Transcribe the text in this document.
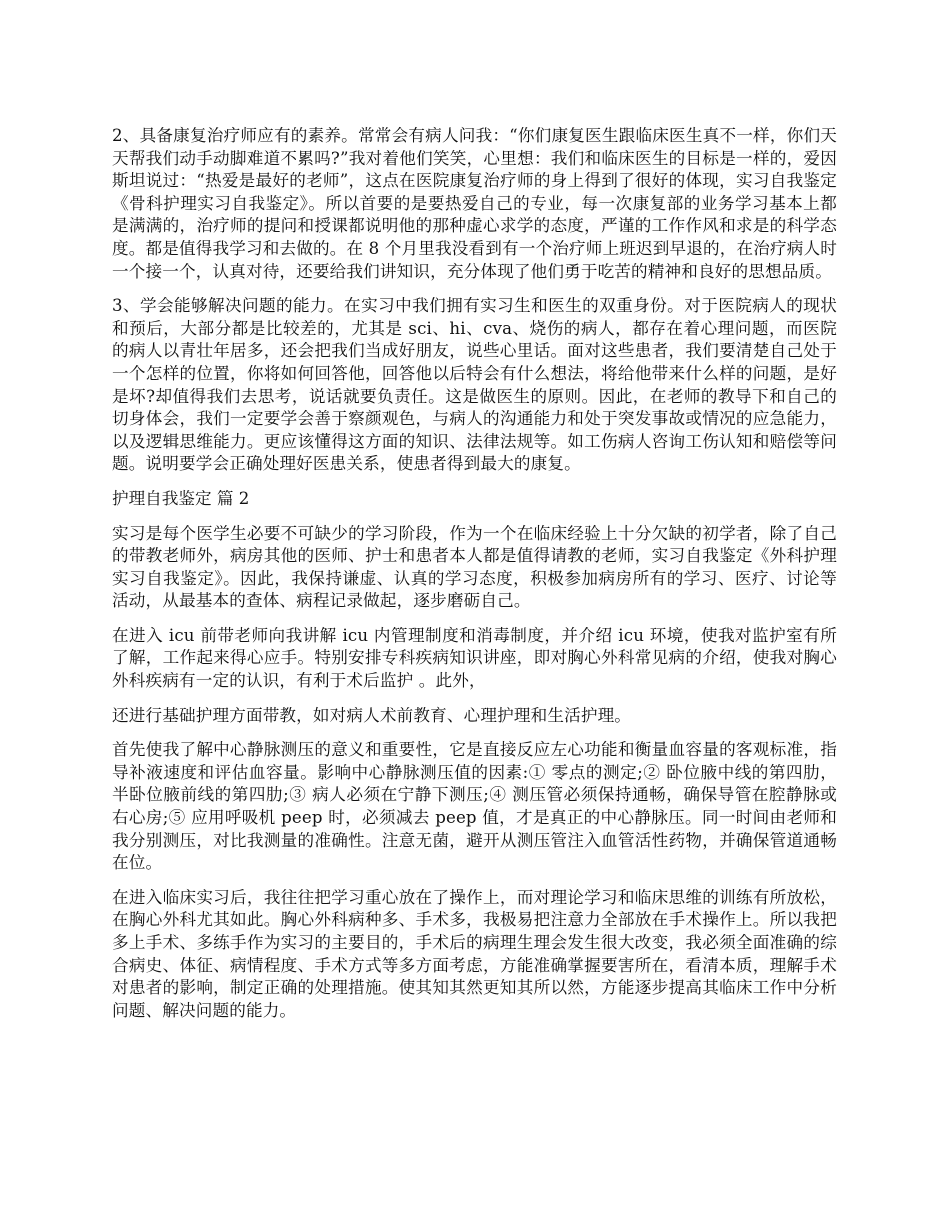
2、具备康复治疗师应有的素养。常常会有病人问我：“你们康复医生跟临床医生真不一样，你们天天帮我们动手动脚难道不累吗?”我对着他们笑笑，心里想：我们和临床医生的目标是一样的，爱因斯坦说过：“热爱是最好的老师”，这点在医院康复治疗师的身上得到了很好的体现，实习自我鉴定《骨科护理实习自我鉴定》。所以首要的是要热爱自己的专业，每一次康复部的业务学习基本上都是满满的，治疗师的提问和授课都说明他的那种虚心求学的态度，严谨的工作作风和求是的科学态度。都是值得我学习和去做的。在 8 个月里我没看到有一个治疗师上班迟到早退的，在治疗病人时一个接一个，认真对待，还要给我们讲知识，充分体现了他们勇于吃苦的精神和良好的思想品质。

3、学会能够解决问题的能力。在实习中我们拥有实习生和医生的双重身份。对于医院病人的现状和预后，大部分都是比较差的，尤其是 sci、hi、cva、烧伤的病人，都存在着心理问题，而医院的病人以青壮年居多，还会把我们当成好朋友，说些心里话。面对这些患者，我们要清楚自己处于一个怎样的位置，你将如何回答他，回答他以后特会有什么想法，将给他带来什么样的问题，是好是坏?却值得我们去思考，说话就要负责任。这是做医生的原则。因此，在老师的教导下和自己的切身体会，我们一定要学会善于察颜观色，与病人的沟通能力和处于突发事故或情况的应急能力，以及逻辑思维能力。更应该懂得这方面的知识、法律法规等。如工伤病人咨询工伤认知和赔偿等问题。说明要学会正确处理好医患关系，使患者得到最大的康复。

护理自我鉴定 篇 2

实习是每个医学生必要不可缺少的学习阶段，作为一个在临床经验上十分欠缺的初学者，除了自己的带教老师外，病房其他的医师、护士和患者本人都是值得请教的老师，实习自我鉴定《外科护理实习自我鉴定》。因此，我保持谦虚、认真的学习态度，积极参加病房所有的学习、医疗、讨论等活动，从最基本的查体、病程记录做起，逐步磨砺自己。

在进入 icu 前带老师向我讲解 icu 内管理制度和消毒制度，并介绍 icu 环境，使我对监护室有所了解，工作起来得心应手。特别安排专科疾病知识讲座，即对胸心外科常见病的介绍，使我对胸心外科疾病有一定的认识，有利于术后监护 。此外，

还进行基础护理方面带教，如对病人术前教育、心理护理和生活护理。

首先使我了解中心静脉测压的意义和重要性，它是直接反应左心功能和衡量血容量的客观标准，指导补液速度和评估血容量。影响中心静脉测压值的因素:① 零点的测定;② 卧位腋中线的第四肋，半卧位腋前线的第四肋;③ 病人必须在宁静下测压;④ 测压管必须保持通畅，确保导管在腔静脉或右心房;⑤ 应用呼吸机 peep 时，必须减去 peep 值，才是真正的中心静脉压。同一时间由老师和我分别测压，对比我测量的准确性。注意无菌，避开从测压管注入血管活性药物，并确保管道通畅在位。

在进入临床实习后，我往往把学习重心放在了操作上，而对理论学习和临床思维的训练有所放松，在胸心外科尤其如此。胸心外科病种多、手术多，我极易把注意力全部放在手术操作上。所以我把多上手术、多练手作为实习的主要目的，手术后的病理生理会发生很大改变，我必须全面准确的综合病史、体征、病情程度、手术方式等多方面考虑，方能准确掌握要害所在，看清本质，理解手术对患者的影响，制定正确的处理措施。使其知其然更知其所以然，方能逐步提高其临床工作中分析问题、解决问题的能力。
